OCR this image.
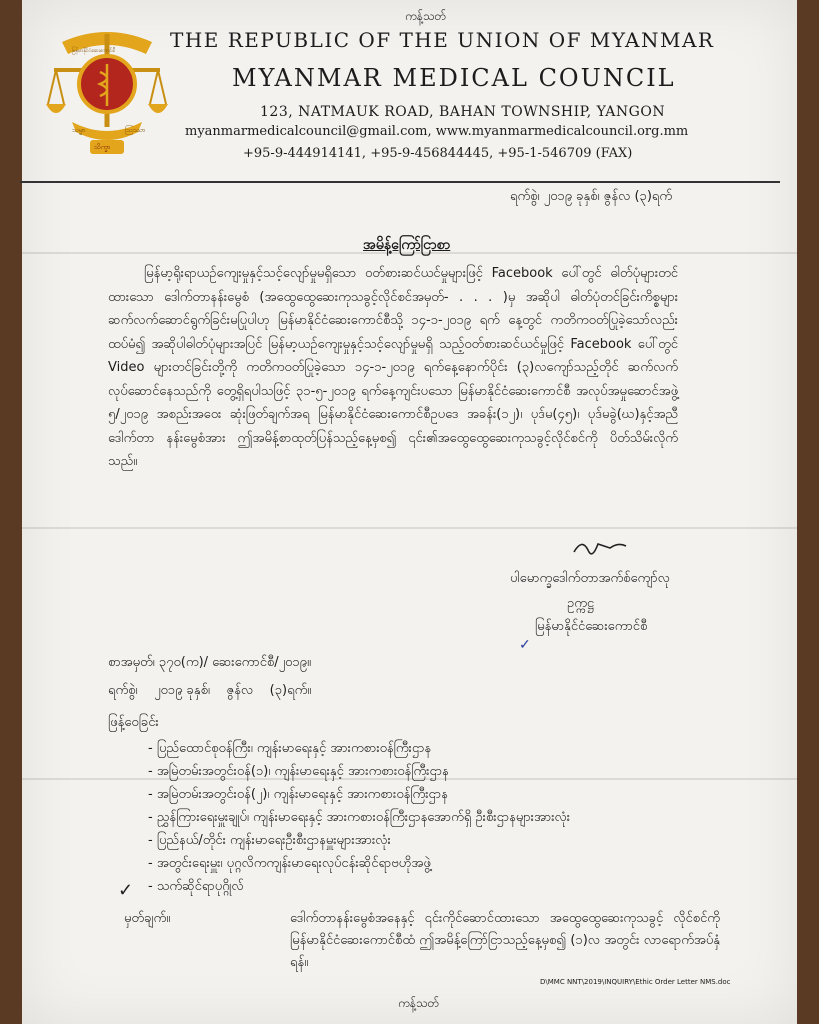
မြန်မာနိုင်ငံဆေးကောင်စီ
သမ္မာ	ဩဿာ
သိက္ခာ
ကန့်သတ်
THE REPUBLIC OF THE UNION OF MYANMAR
MYANMAR MEDICAL COUNCIL
123, NATMAUK ROAD, BAHAN TOWNSHIP, YANGON
myanmarmedicalcouncil@gmail.com, www.myanmarmedicalcouncil.org.mm
+95-9-444914141, +95-9-456844445, +95-1-546709 (FAX)
ရက်စွဲ၊ ၂၀၁၉ ခုနှစ်၊ ဇွန်လ (၃)ရက်
အမိန့်ကြော်ငြာစာ
မြန်မာ့ရိုးရာယဉ်ကျေးမှုနှင့်သင့်လျော်မှုမရှိသော ဝတ်စားဆင်ယင်မှုများဖြင့် Facebook ပေါ်တွင် ဓါတ်ပုံများတင်ထားသော ဒေါက်တာနန်းမွေစံ (အထွေထွေဆေးကုသခွင့်လိုင်စင်အမှတ်- . . . )မှ အဆိုပါ ဓါတ်ပုံတင်ခြင်းကိစ္စများ ဆက်လက်ဆောင်ရွက်ခြင်းမပြုပါဟု မြန်မာနိုင်ငံဆေးကောင်စီသို့ ၁၄-၁-၂၀၁၉ ရက် နေ့တွင် ကတိကဝတ်ပြုခဲ့သော်လည်း ထပ်မံ၍ အဆိုပါဓါတ်ပုံများအပြင် မြန်မာ့ယဉ်ကျေးမှုနှင့်သင့်လျော်မှုမရှိ သည့်ဝတ်စားဆင်ယင်မှုဖြင့် Facebook ပေါ်တွင် Video များတင်ခြင်းတို့ကို ကတိကဝတ်ပြုခဲ့သော ၁၄-၁-၂၀၁၉ ရက်နေ့နောက်ပိုင်း (၃)လကျော်သည့်တိုင် ဆက်လက်လုပ်ဆောင်နေသည်ကို တွေ့ရှိရပါသဖြင့် ၃၁-၅-၂၀၁၉ ရက်နေ့ကျင်းပသော မြန်မာနိုင်ငံဆေးကောင်စီ အလုပ်အမှုဆောင်အဖွဲ့ ၅/၂၀၁၉ အစည်းအဝေး ဆုံးဖြတ်ချက်အရ မြန်မာနိုင်ငံဆေးကောင်စီဥပဒေ အခန်း(၁၂)၊ ပုဒ်မ(၄၅)၊ ပုဒ်မခွဲ(ဃ)နှင့်အညီ ဒေါက်တာ နန်းမွေစံအား ဤအမိန့်စာထုတ်ပြန်သည့်နေ့မှစ၍ ၎င်း၏အထွေထွေဆေးကုသခွင့်လိုင်စင်ကို ပိတ်သိမ်းလိုက် သည်။
ပါမောက္ခဒေါက်တာအက်စ်ကျော်လု
ဥက္ကဋ္ဌ
မြန်မာနိုင်ငံဆေးကောင်စီ
✓
စာအမှတ်၊ ၃၇၀(က)/ ဆေးကောင်စီ/၂၀၁၉။
ရက်စွဲ၊    ၂၀၁၉ ခုနှစ်၊    ဇွန်လ    (၃)ရက်။
ဖြန့်ဝေခြင်း
- ပြည်ထောင်စုဝန်ကြီး၊ ကျန်းမာရေးနှင့် အားကစားဝန်ကြီးဌာန
- အမြဲတမ်းအတွင်းဝန်(၁)၊ ကျန်းမာရေးနှင့် အားကစားဝန်ကြီးဌာန
- အမြဲတမ်းအတွင်းဝန်(၂)၊ ကျန်းမာရေးနှင့် အားကစားဝန်ကြီးဌာန
- ညွှန်ကြားရေးမှူးချုပ်၊ ကျန်းမာရေးနှင့် အားကစားဝန်ကြီးဌာနအောက်ရှိ ဦးစီးဌာနများအားလုံး
- ပြည်နယ်/တိုင်း ကျန်းမာရေးဦးစီးဌာနမှူးများအားလုံး
- အတွင်းရေးမှူး၊ ပုဂ္ဂလိကကျန်းမာရေးလုပ်ငန်းဆိုင်ရာဗဟိုအဖွဲ့
- သက်ဆိုင်ရာပုဂ္ဂိုလ်
✓
မှတ်ချက်။	ဒေါက်တာနန်းမွေစံအနေနှင့် ၎င်းကိုင်ဆောင်ထားသော အထွေထွေဆေးကုသခွင့် လိုင်စင်ကို မြန်မာနိုင်ငံဆေးကောင်စီထံ ဤအမိန့်ကြော်ငြာသည့်နေ့မှစ၍ (၁)လ အတွင်း လာရောက်အပ်နှံရန်။
D\MMC NNT\2019\INQUIRY\Ethic Order Letter NMS.doc
ကန့်သတ်
